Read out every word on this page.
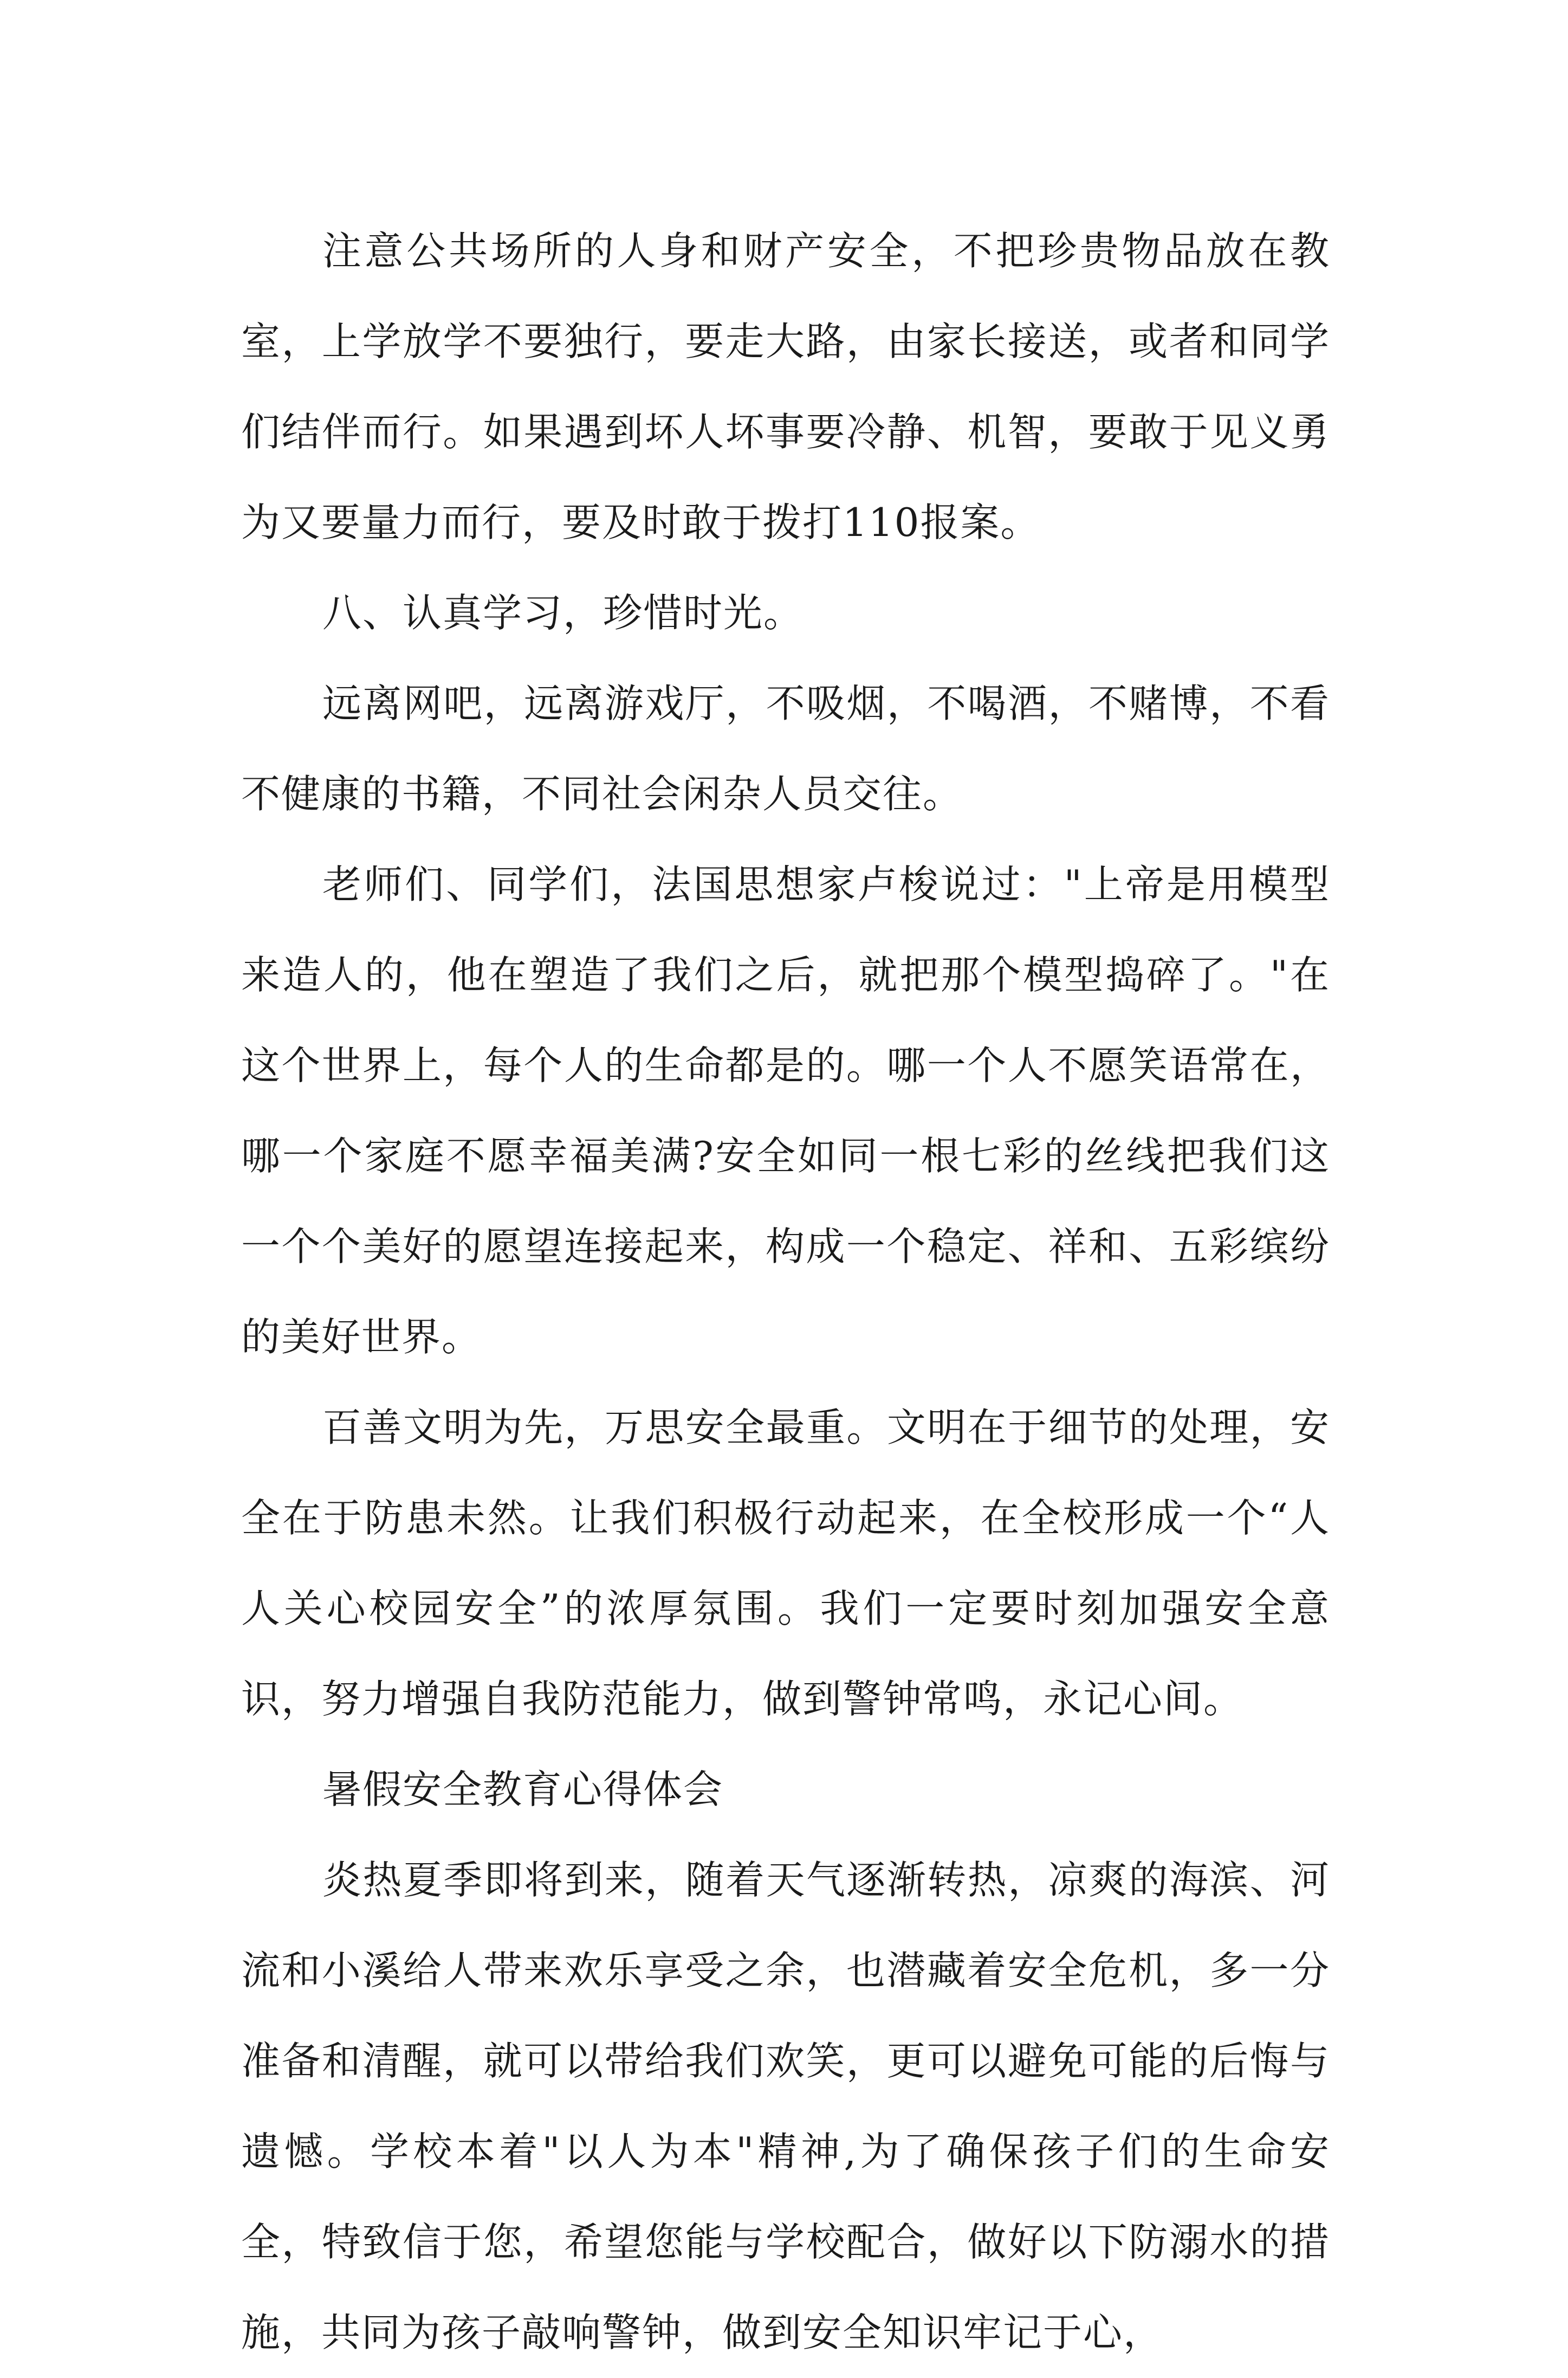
注意公共场所的人身和财产安全，不把珍贵物品放在教室，上学放学不要独行，要走大路，由家长接送，或者和同学们结伴而行。如果遇到坏人坏事要冷静、机智，要敢于见义勇为又要量力而行，要及时敢于拨打110报案。

八、认真学习，珍惜时光。

远离网吧，远离游戏厅，不吸烟，不喝酒，不赌博，不看不健康的书籍，不同社会闲杂人员交往。

老师们、同学们，法国思想家卢梭说过："上帝是用模型来造人的，他在塑造了我们之后，就把那个模型捣碎了。"在这个世界上，每个人的生命都是的。哪一个人不愿笑语常在，哪一个家庭不愿幸福美满?安全如同一根七彩的丝线把我们这一个个美好的愿望连接起来，构成一个稳定、祥和、五彩缤纷的美好世界。

百善文明为先，万思安全最重。文明在于细节的处理，安全在于防患未然。让我们积极行动起来，在全校形成一个“人人关心校园安全”的浓厚氛围。我们一定要时刻加强安全意识，努力增强自我防范能力，做到警钟常鸣，永记心间。

暑假安全教育心得体会

炎热夏季即将到来，随着天气逐渐转热，凉爽的海滨、河流和小溪给人带来欢乐享受之余，也潜藏着安全危机，多一分准备和清醒，就可以带给我们欢笑，更可以避免可能的后悔与遗憾。学校本着"以人为本"精神,为了确保孩子们的生命安全，特致信于您，希望您能与学校配合，做好以下防溺水的措施，共同为孩子敲响警钟，做到安全知识牢记于心，
